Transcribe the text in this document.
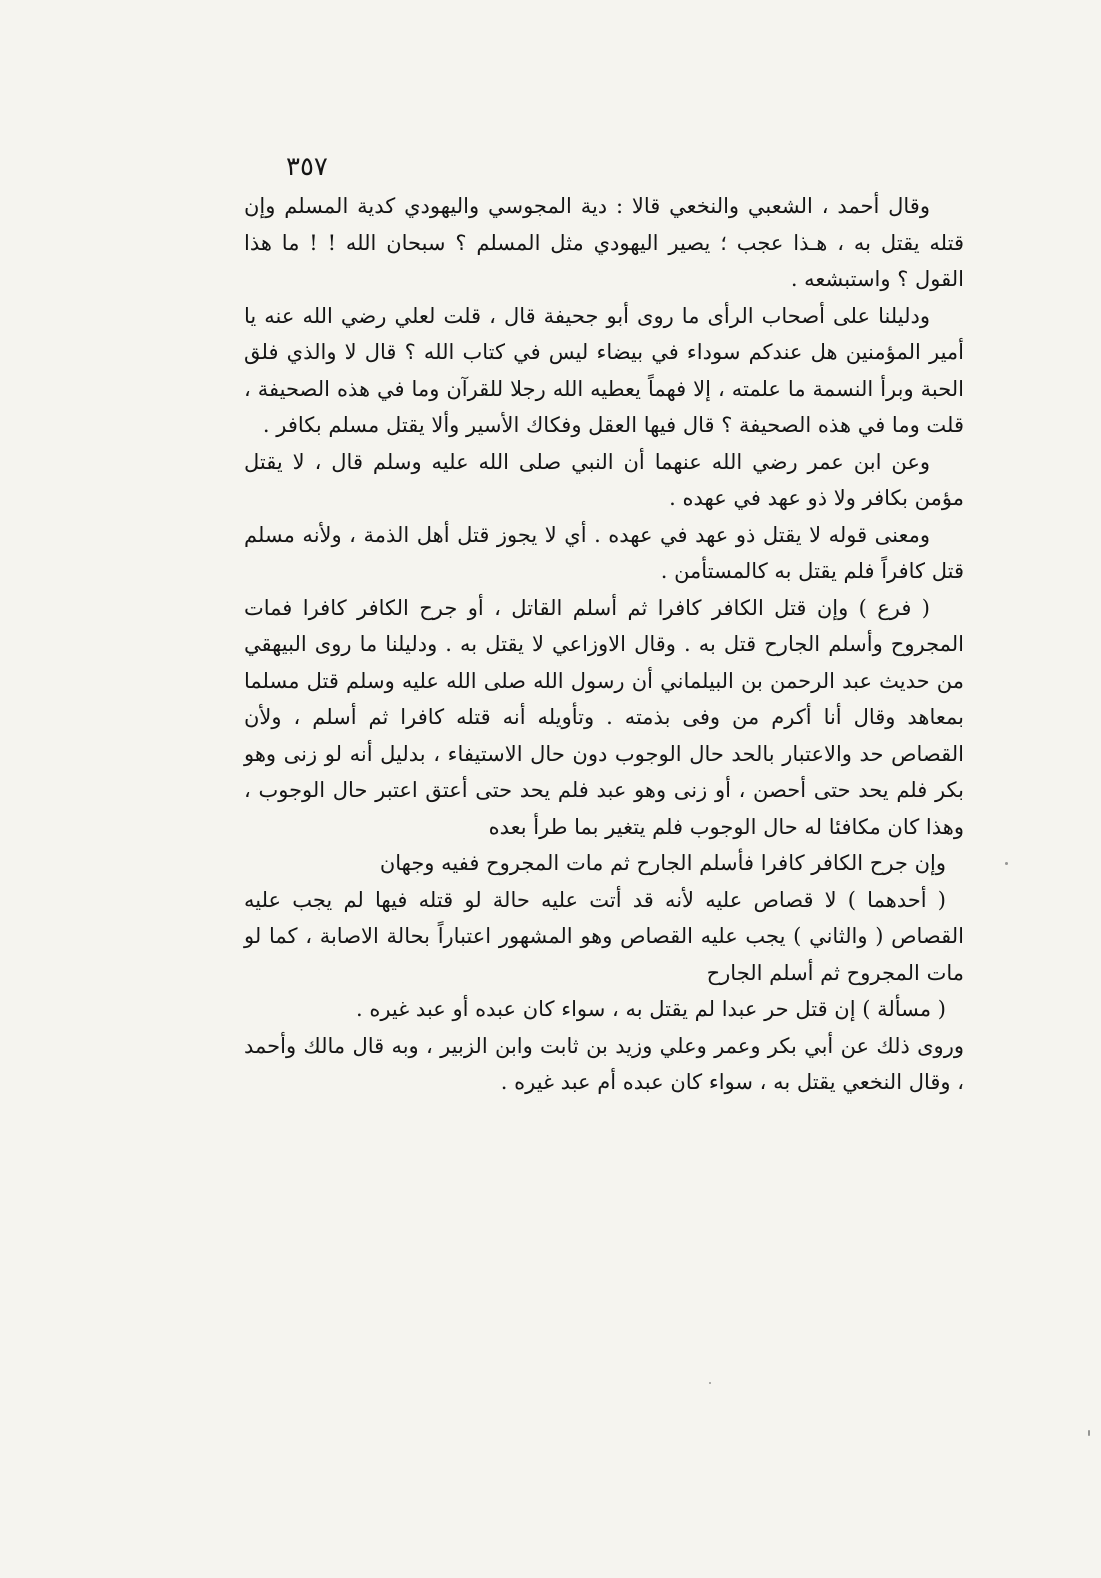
٣٥٧

وقال أحمد ، الشعبي والنخعي قالا : دية المجوسي واليهودي كدية المسلم وإن قتله يقتل به ، هـذا عجب ؛ يصير اليهودي مثل المسلم ؟ سبحان الله ! ! ما هذا القول ؟ واستبشعه .

ودليلنا على أصحاب الرأى ما روى أبو جحيفة قال ، قلت لعلي رضي الله عنه يا أمير المؤمنين هل عندكم سوداء في بيضاء ليس في كتاب الله ؟ قال لا والذي فلق الحبة وبرأ النسمة ما علمته ، إلا فهماً يعطيه الله رجلا للقرآن وما في هذه الصحيفة ، قلت وما في هذه الصحيفة ؟ قال فيها العقل وفكاك الأسير وألا يقتل مسلم بكافر .

وعن ابن عمر رضي الله عنهما أن النبي صلى الله عليه وسلم قال ، لا يقتل مؤمن بكافر ولا ذو عهد في عهده .

ومعنى قوله لا يقتل ذو عهد في عهده . أي لا يجوز قتل أهل الذمة ، ولأنه مسلم قتل كافراً فلم يقتل به كالمستأمن .

( فرع ) وإن قتل الكافر كافرا ثم أسلم القاتل ، أو جرح الكافر كافرا فمات المجروح وأسلم الجارح قتل به . وقال الاوزاعي لا يقتل به . ودليلنا ما روى البيهقي من حديث عبد الرحمن بن البيلماني أن رسول الله صلى الله عليه وسلم قتل مسلما بمعاهد وقال أنا أكرم من وفى بذمته . وتأويله أنه قتله كافرا ثم أسلم ، ولأن القصاص حد والاعتبار بالحد حال الوجوب دون حال الاستيفاء ، بدليل أنه لو زنى وهو بكر فلم يحد حتى أحصن ، أو زنى وهو عبد فلم يحد حتى أعتق اعتبر حال الوجوب ، وهذا كان مكافئا له حال الوجوب فلم يتغير بما طرأ بعده

وإن جرح الكافر كافرا فأسلم الجارح ثم مات المجروح ففيه وجهان

( أحدهما ) لا قصاص عليه لأنه قد أتت عليه حالة لو قتله فيها لم يجب عليه القصاص ( والثاني ) يجب عليه القصاص وهو المشهور اعتباراً بحالة الاصابة ، كما لو مات المجروح ثم أسلم الجارح

( مسألة ) إن قتل حر عبدا لم يقتل به ، سواء كان عبده أو عبد غيره .

وروى ذلك عن أبي بكر وعمر وعلي وزيد بن ثابت وابن الزبير ، وبه قال مالك وأحمد ، وقال النخعي يقتل به ، سواء كان عبده أم عبد غيره .
